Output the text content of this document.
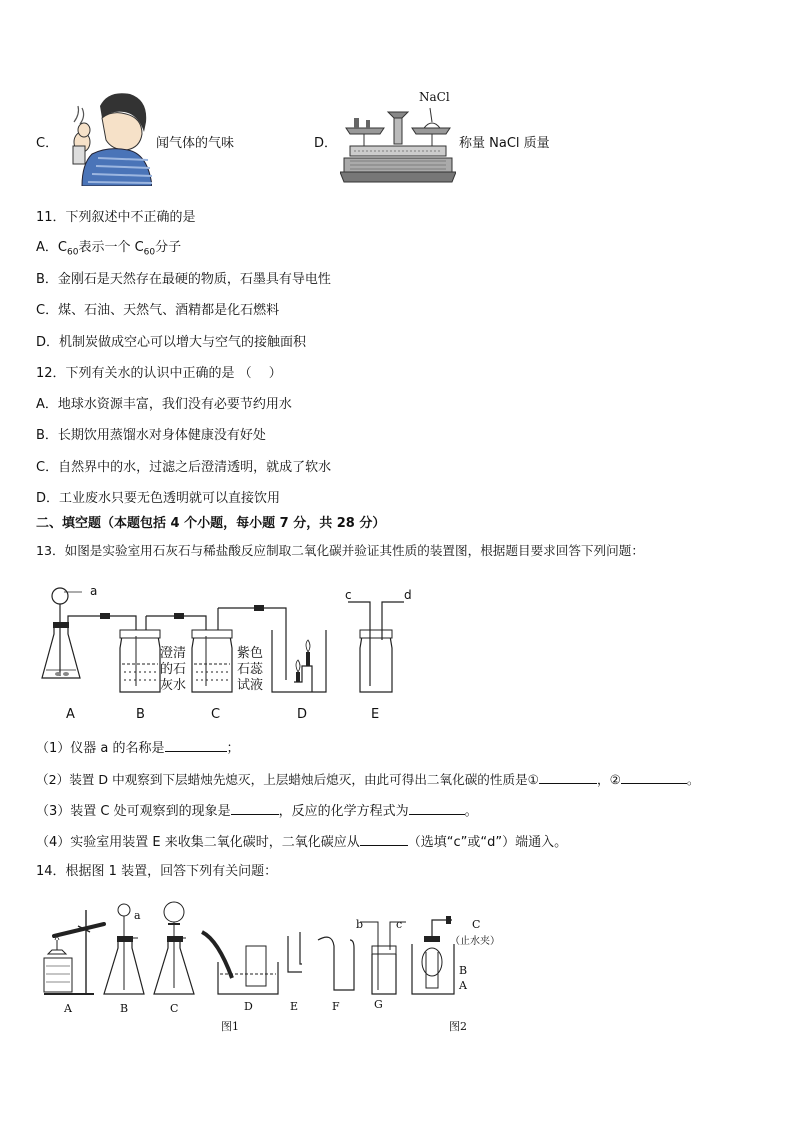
C．	闻气体的气味	D．
NaCl
称量 NaCl 质量
11．下列叙述中不正确的是
A．$C_{60}$表示一个 $C_{60}$分子
B．金刚石是天然存在最硬的物质，石墨具有导电性
C．煤、石油、天然气、酒精都是化石燃料
D．机制炭做成空心可以增大与空气的接触面积
12．下列有关水的认识中正确的是 （　 ）
A．地球水资源丰富，我们没有必要节约用水
B．长期饮用蒸馏水对身体健康没有好处
C．自然界中的水，过滤之后澄清透明，就成了软水
D．工业废水只要无色透明就可以直接饮用
二、填空题（本题包括 4 个小题，每小题 7 分，共 28 分）
13．如图是实验室用石灰石与稀盐酸反应制取二氧化碳并验证其性质的装置图，根据题目要求回答下列问题：
a	c	d
澄清
的石
灰水
紫色
石蕊
试液
A	B	C	D	E
（1）仪器 a 的名称是	；
（2）装置 D 中观察到下层蜡烛先熄灭，上层蜡烛后熄灭，由此可得出二氧化碳的性质是①	，②	。
（3）装置 C 处可观察到的现象是	，反应的化学方程式为	。
（4）实验室用装置 E 来收集二氧化碳时，二氧化碳应从	（选填“c”或“d”）端通入。
14．根据图 1 装置，回答下列有关问题：
a
b	c	C
（止水夹）
B
A
A	B	C	D	E	F	G
图1	图2
